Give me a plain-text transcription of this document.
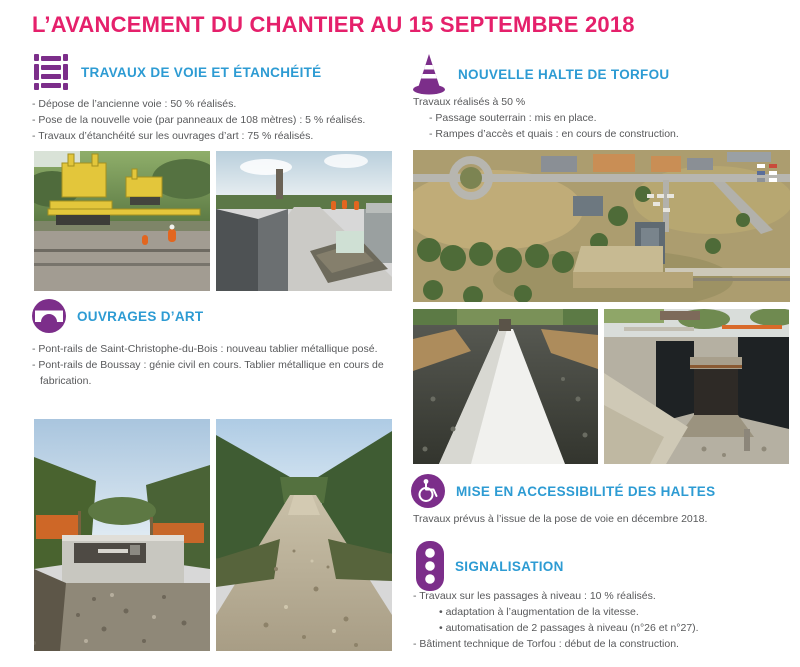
L’AVANCEMENT DU CHANTIER AU 15 SEPTEMBRE 2018
TRAVAUX DE VOIE ET ÉTANCHÉITÉ
- Dépose de l’ancienne voie : 50 % réalisés.
- Pose de la nouvelle voie (par panneaux de 108 mètres) : 5 % réalisés.
- Travaux d’étanchéité sur les ouvrages d’art : 75 % réalisés.
OUVRAGES D’ART
- Pont-rails de Saint-Christophe-du-Bois : nouveau tablier métallique posé.
- Pont-rails de Boussay : génie civil en cours. Tablier métallique en cours de fabrication.
NOUVELLE HALTE DE TORFOU

Travaux réalisés à 50 %

- Passage souterrain : mis en place.
- Rampes d’accès et quais : en cours de construction.
MISE EN ACCESSIBILITÉ DES HALTES

Travaux prévus à l’issue de la pose de voie en décembre 2018.

SIGNALISATION
- Travaux sur les passages à niveau : 10 % réalisés.
• adaptation à l’augmentation de la vitesse.
• automatisation de 2 passages à niveau (n°26 et n°27).
- Bâtiment technique de Torfou : début de la construction.
